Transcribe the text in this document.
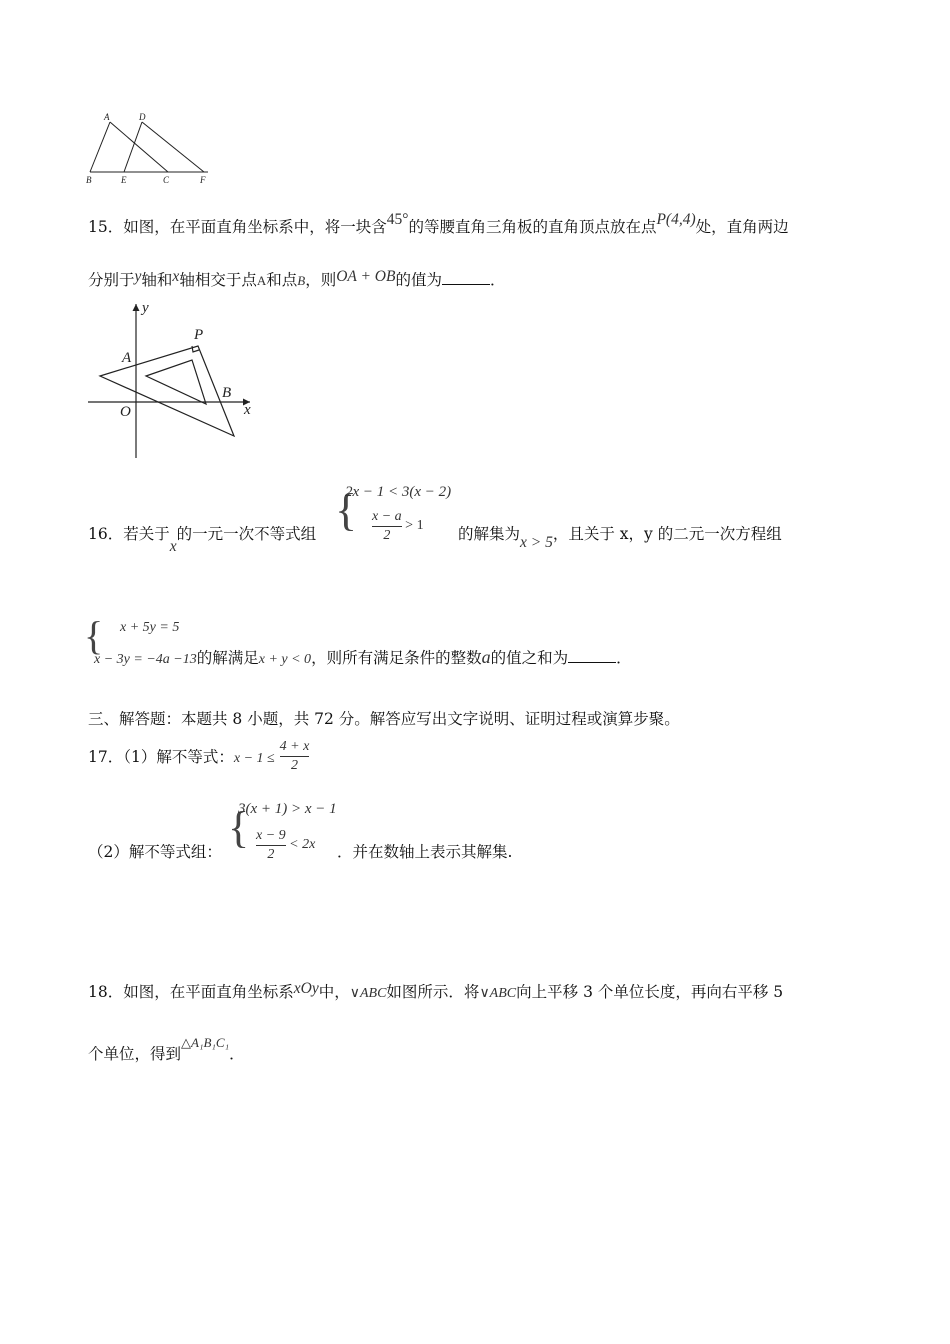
A	D
B	E	C	F
15．如图，在平面直角坐标系中，将一块含45°的等腰直角三角板的直角顶点放在点P(4,4)处，直角两边
分别于y轴和x轴相交于点A和点B，则OA + OB的值为	．
y
x
P
A
B
O
{
2x − 1 < 3(x − 2)
$\frac{x - a}{2} > 1$
16．若关于x的一元一次不等式组	的解集为x > 5，且关于 x，y 的二元一次方程组
{ x + 5y = 5
x − 3y = −4a −13的解满足x + y < 0，则所有满足条件的整数a的值之和为	．
三、解答题：本题共 8 小题，共 72 分。解答应写出文字说明、证明过程或演算步聚。
17．（1）解不等式：$x - 1 \le \frac{4 + x}{2}$
{
3(x + 1) > x − 1
$\frac{x - 9}{2} < 2x$
（2）解不等式组：	．并在数轴上表示其解集.
18．如图，在平面直角坐标系xOy中，∨ABC如图所示．将∨ABC向上平移 3 个单位长度，再向右平移 5
个单位，得到$^{\triangle A_1B_1C_1}$．
